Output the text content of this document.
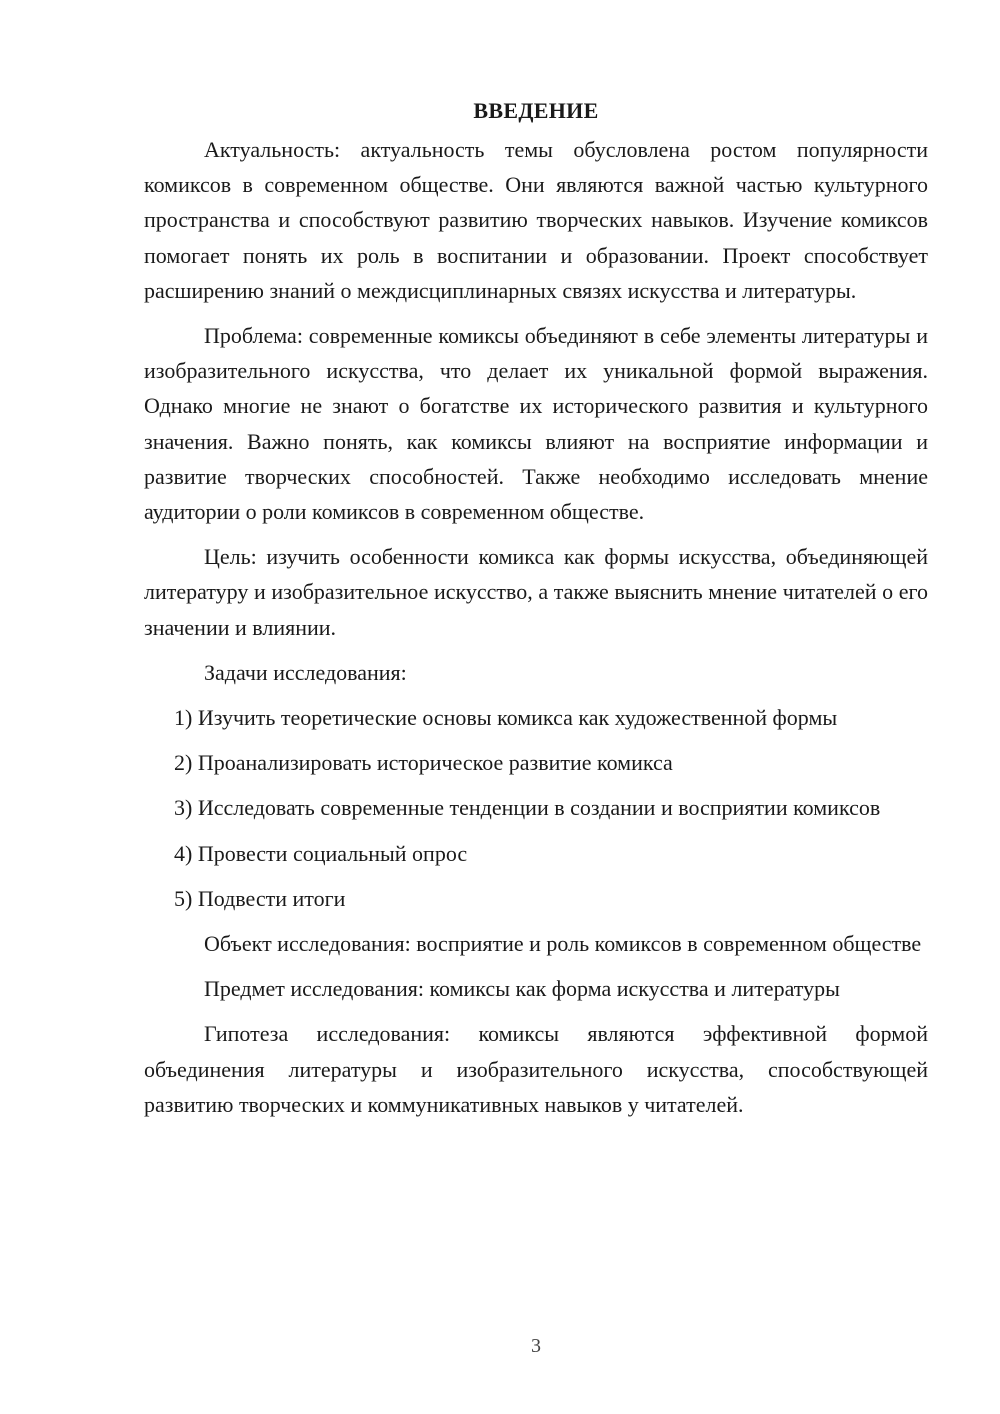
ВВЕДЕНИЕ

Актуальность: актуальность темы обусловлена ростом популярности комиксов в современном обществе. Они являются важной частью культурного пространства и способствуют развитию творческих навыков. Изучение комиксов помогает понять их роль в воспитании и образовании. Проект способствует расширению знаний о междисциплинарных связях искусства и литературы.

Проблема: современные комиксы объединяют в себе элементы литературы и изобразительного искусства, что делает их уникальной формой выражения. Однако многие не знают о богатстве их исторического развития и культурного значения. Важно понять, как комиксы влияют на восприятие информации и развитие творческих способностей. Также необходимо исследовать мнение аудитории о роли комиксов в современном обществе.

Цель: изучить особенности комикса как формы искусства, объединяющей литературу и изобразительное искусство, а также выяснить мнение читателей о его значении и влиянии.

Задачи исследования:

1) Изучить теоретические основы комикса как художественной формы

2) Проанализировать историческое развитие комикса

3) Исследовать современные тенденции в создании и восприятии комиксов

4) Провести социальный опрос

5) Подвести итоги

Объект исследования: восприятие и роль комиксов в современном обществе

Предмет исследования: комиксы как форма искусства и литературы

Гипотеза исследования: комиксы являются эффективной формой объединения литературы и изобразительного искусства, способствующей развитию творческих и коммуникативных навыков у читателей.

3
